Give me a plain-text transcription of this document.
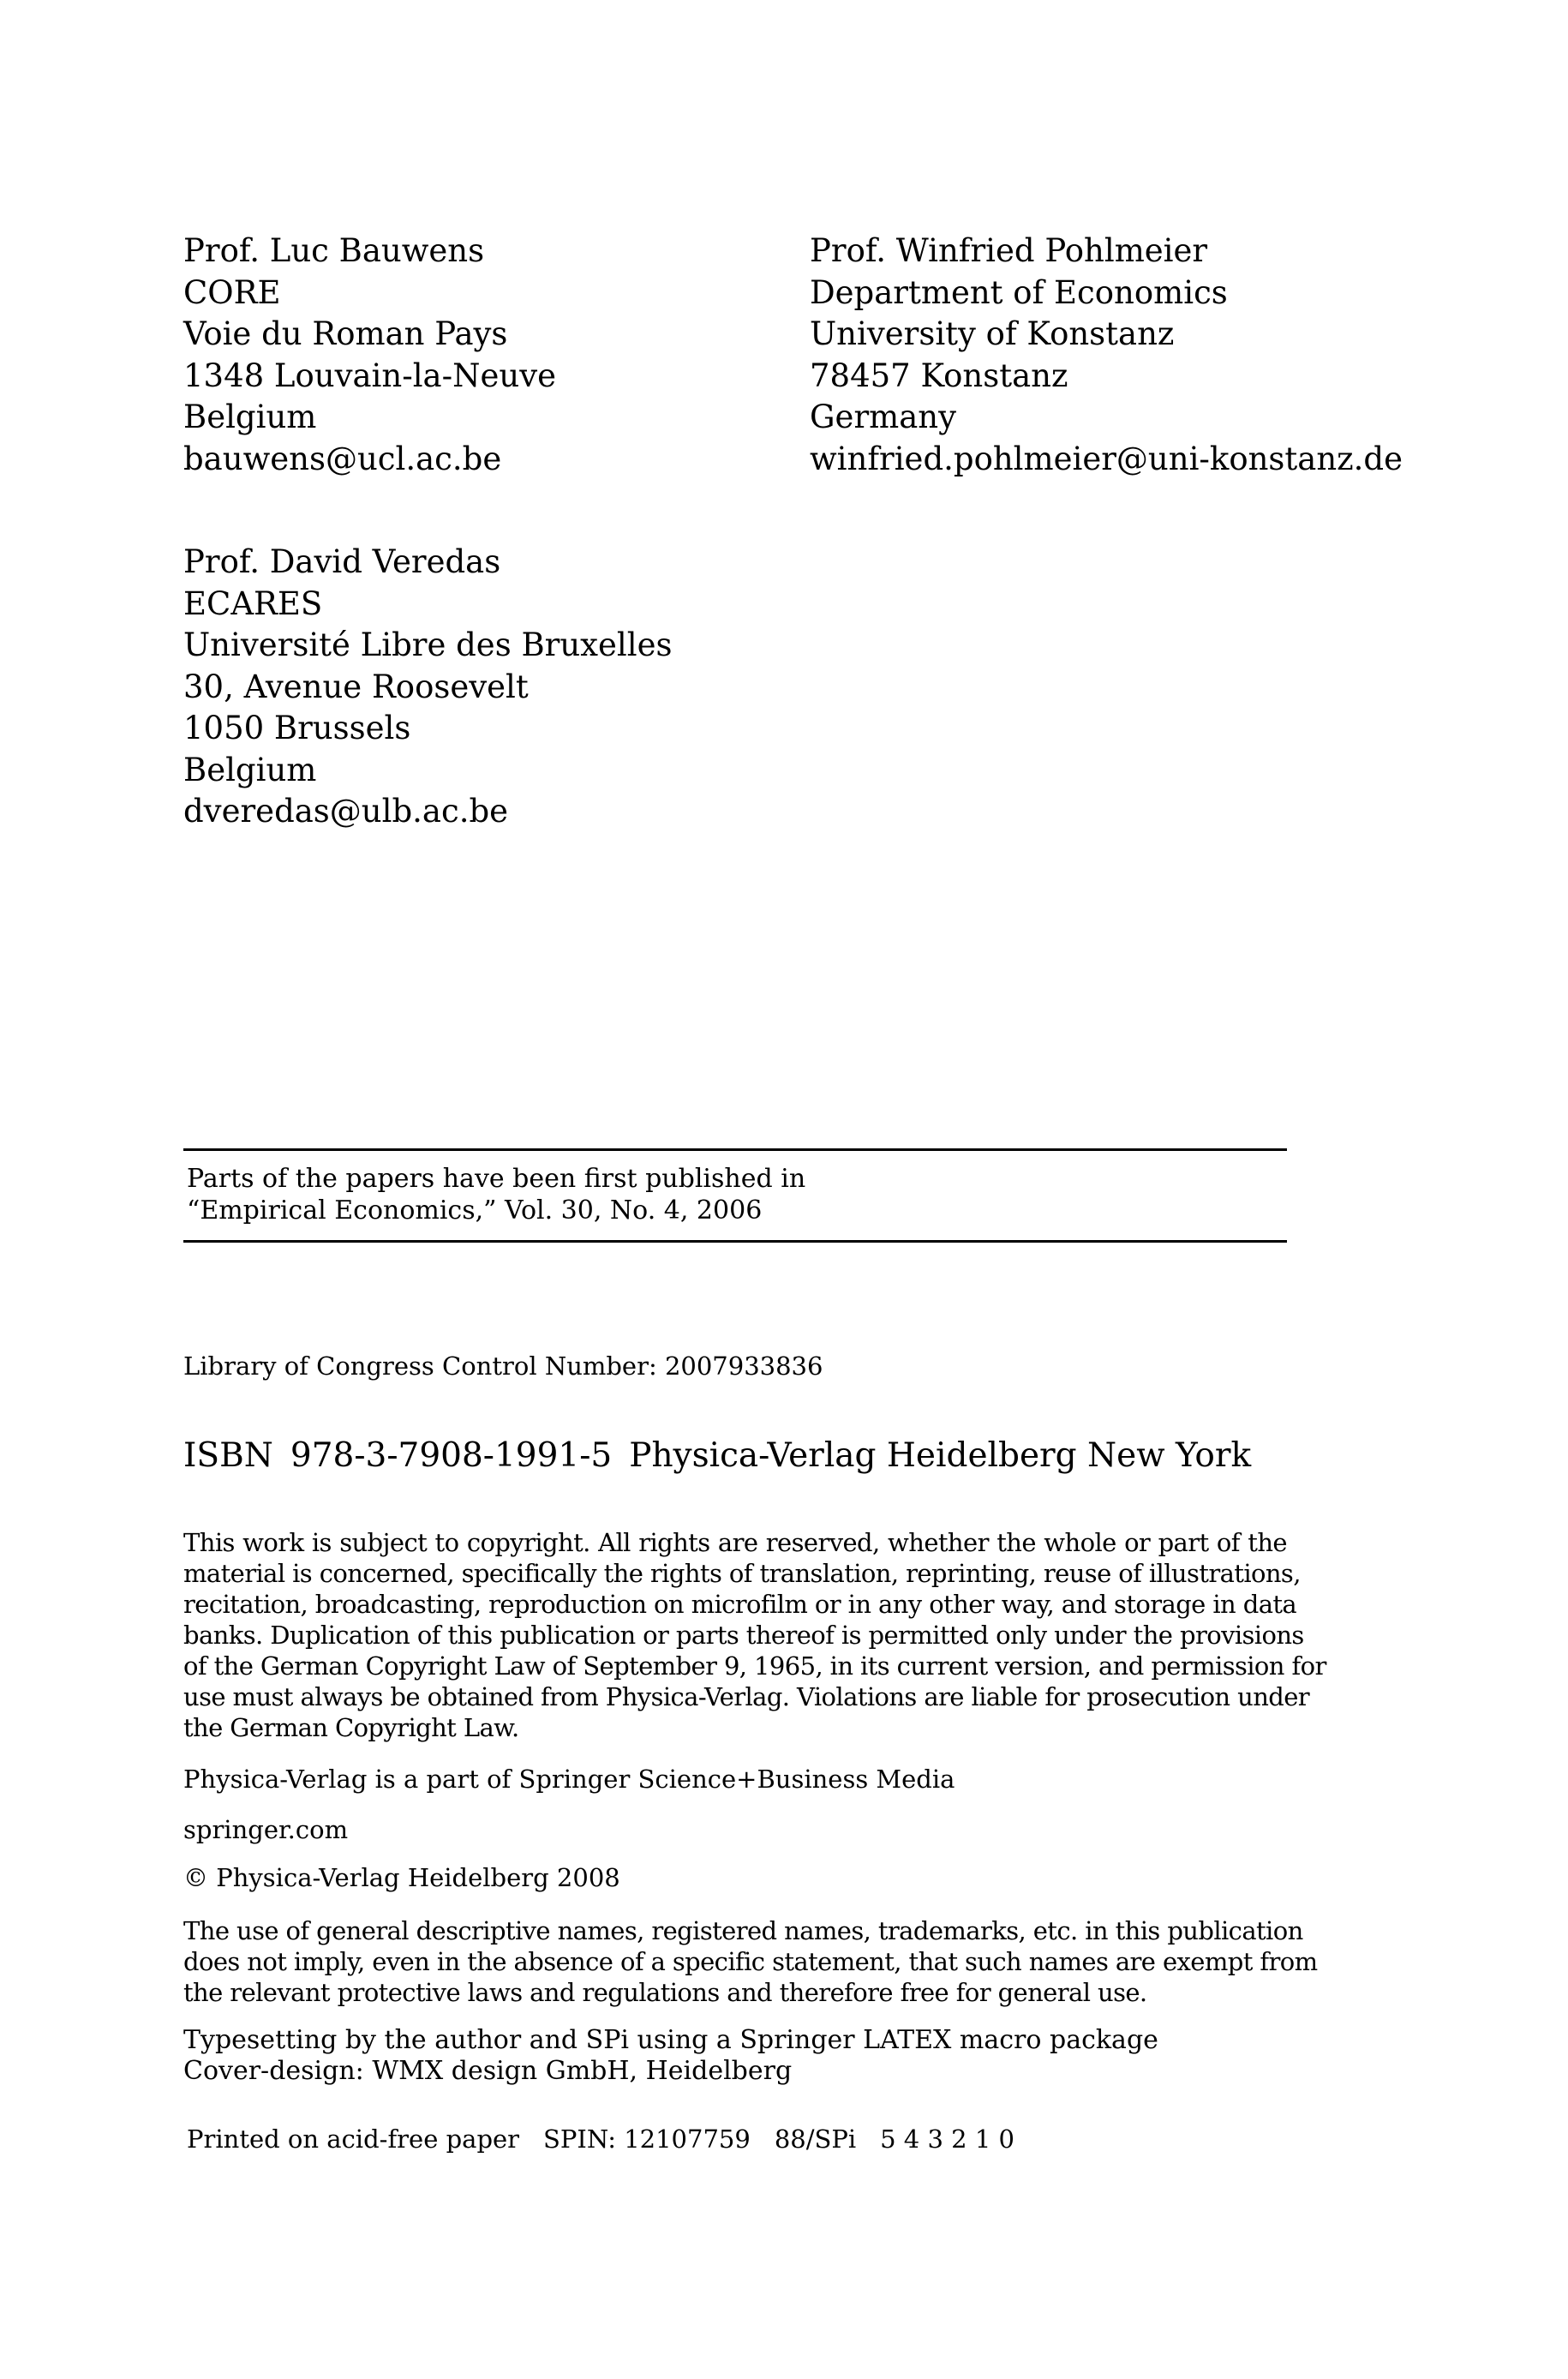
Prof. Luc Bauwens
CORE
Voie du Roman Pays
1348 Louvain-la-Neuve
Belgium
bauwens@ucl.ac.be
Prof. Winfried Pohlmeier
Department of Economics
University of Konstanz
78457 Konstanz
Germany
winfried.pohlmeier@uni-konstanz.de
Prof. David Veredas
ECARES
Université Libre des Bruxelles
30, Avenue Roosevelt
1050 Brussels
Belgium
dveredas@ulb.ac.be
Parts of the papers have been first published in
“Empirical Economics,” Vol. 30, No. 4, 2006
Library of Congress Control Number: 2007933836
ISBN 978-3-7908-1991-5 Physica-Verlag Heidelberg New York
This work is subject to copyright. All rights are reserved, whether the whole or part of the
material is concerned, specifically the rights of translation, reprinting, reuse of illustrations,
recitation, broadcasting, reproduction on microfilm or in any other way, and storage in data
banks. Duplication of this publication or parts thereof is permitted only under the provisions
of the German Copyright Law of September 9, 1965, in its current version, and permission for
use must always be obtained from Physica-Verlag. Violations are liable for prosecution under
the German Copyright Law.
Physica-Verlag is a part of Springer Science+Business Media
springer.com
© Physica-Verlag Heidelberg 2008
The use of general descriptive names, registered names, trademarks, etc. in this publication
does not imply, even in the absence of a specific statement, that such names are exempt from
the relevant protective laws and regulations and therefore free for general use.
Typesetting by the author and SPi using a Springer LATEX macro package
Cover-design: WMX design GmbH, Heidelberg
Printed on acid-free paper SPIN: 12107759 88/SPi 5 4 3 2 1 0
